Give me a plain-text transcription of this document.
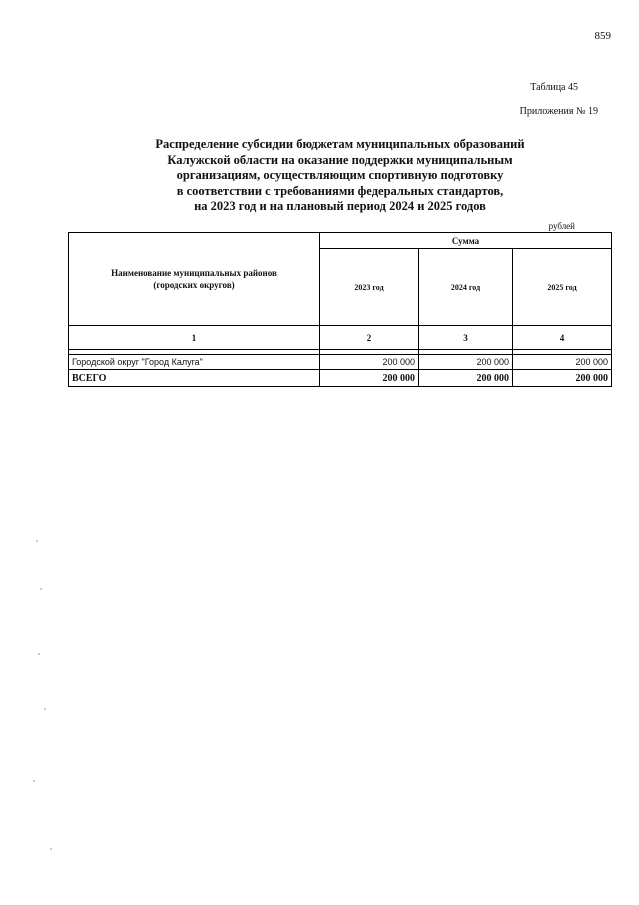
859
Таблица 45
Приложения № 19
Распределение субсидии бюджетам муниципальных образований
Калужской области на оказание поддержки муниципальным
организациям, осуществляющим спортивную подготовку
в соответствии с требованиями федеральных стандартов,
на 2023 год и на плановый период 2024 и 2025 годов
рублей
Наименование муниципальных районов
(городских округов)	Сумма		
	2023 год	2024 год	2025 год
1	2	3	4

Городской округ "Город Калуга"	200 000	200 000	200 000
ВСЕГО	200 000	200 000	200 000
